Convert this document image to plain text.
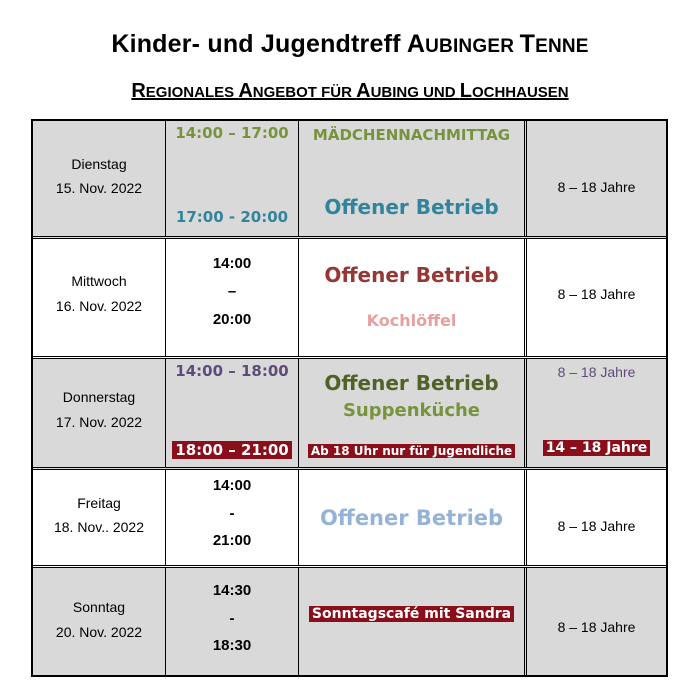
Kinder- und Jugendtreff AUBINGER TENNE
REGIONALES ANGEBOT FÜR AUBING UND LOCHHAUSEN
Dienstag
15. Nov. 2022
14:00 – 17:00
17:00 - 20:00
MÄDCHENNACHMITTAG
Offener Betrieb
8 – 18 Jahre
Mittwoch
16. Nov. 2022
14:00
–
20:00
Offener Betrieb
Kochlöffel
8 – 18 Jahre
Donnerstag
17. Nov. 2022
14:00 – 18:00
18:00 – 21:00
Offener Betrieb
Suppenküche
Ab 18 Uhr nur für Jugendliche
8 – 18 Jahre
14 – 18 Jahre
Freitag
18. Nov.. 2022
14:00
-
21:00
Offener Betrieb	8 – 18 Jahre
Sonntag
20. Nov. 2022
14:30
-
18:30
Sonntagscafé mit Sandra
8 – 18 Jahre
